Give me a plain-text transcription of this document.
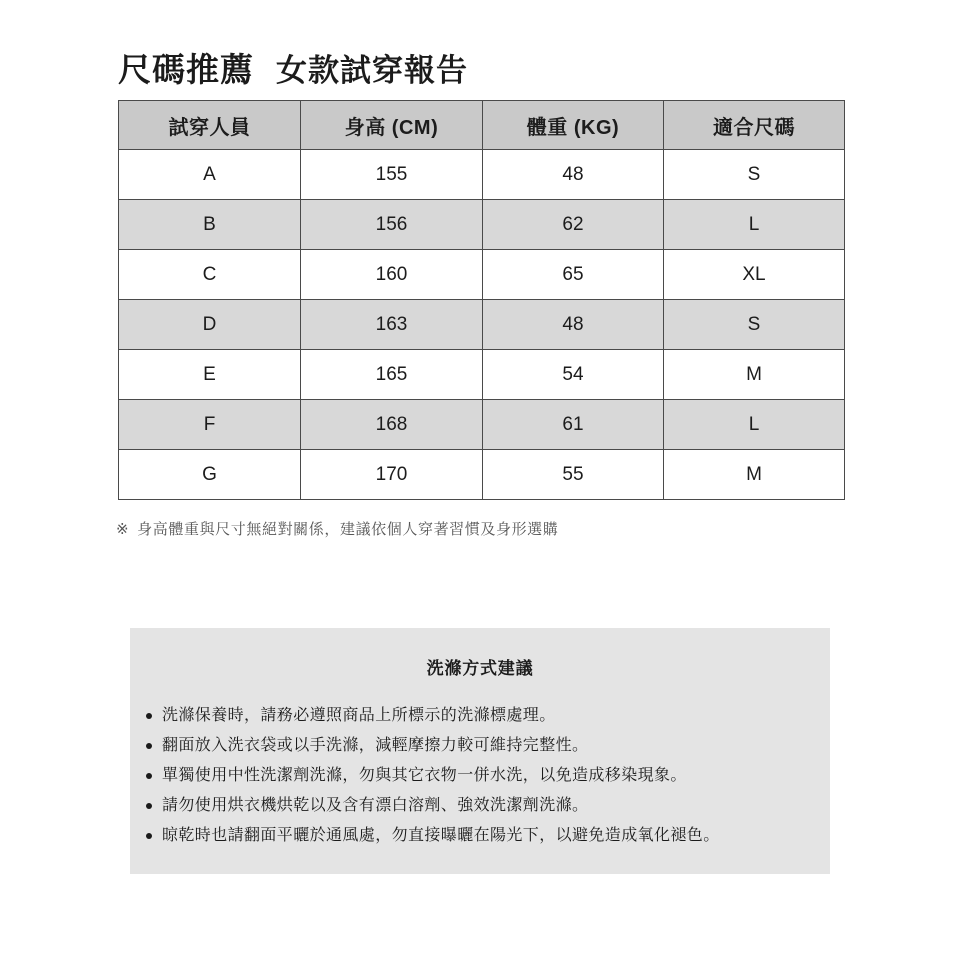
尺碼推薦 女款試穿報告
試穿人員	身高 (CM)	體重 (KG)	適合尺碼
A	155	48	S
B	156	62	L
C	160	65	XL
D	163	48	S
E	165	54	M
F	168	61	L
G	170	55	M
※ 身高體重與尺寸無絕對關係，建議依個人穿著習慣及身形選購
洗滌方式建議
洗滌保養時，請務必遵照商品上所標示的洗滌標處理。
翻面放入洗衣袋或以手洗滌，減輕摩擦力較可維持完整性。
單獨使用中性洗潔劑洗滌，勿與其它衣物一併水洗，以免造成移染現象。
請勿使用烘衣機烘乾以及含有漂白溶劑、強效洗潔劑洗滌。
晾乾時也請翻面平曬於通風處，勿直接曝曬在陽光下，以避免造成氧化褪色。
